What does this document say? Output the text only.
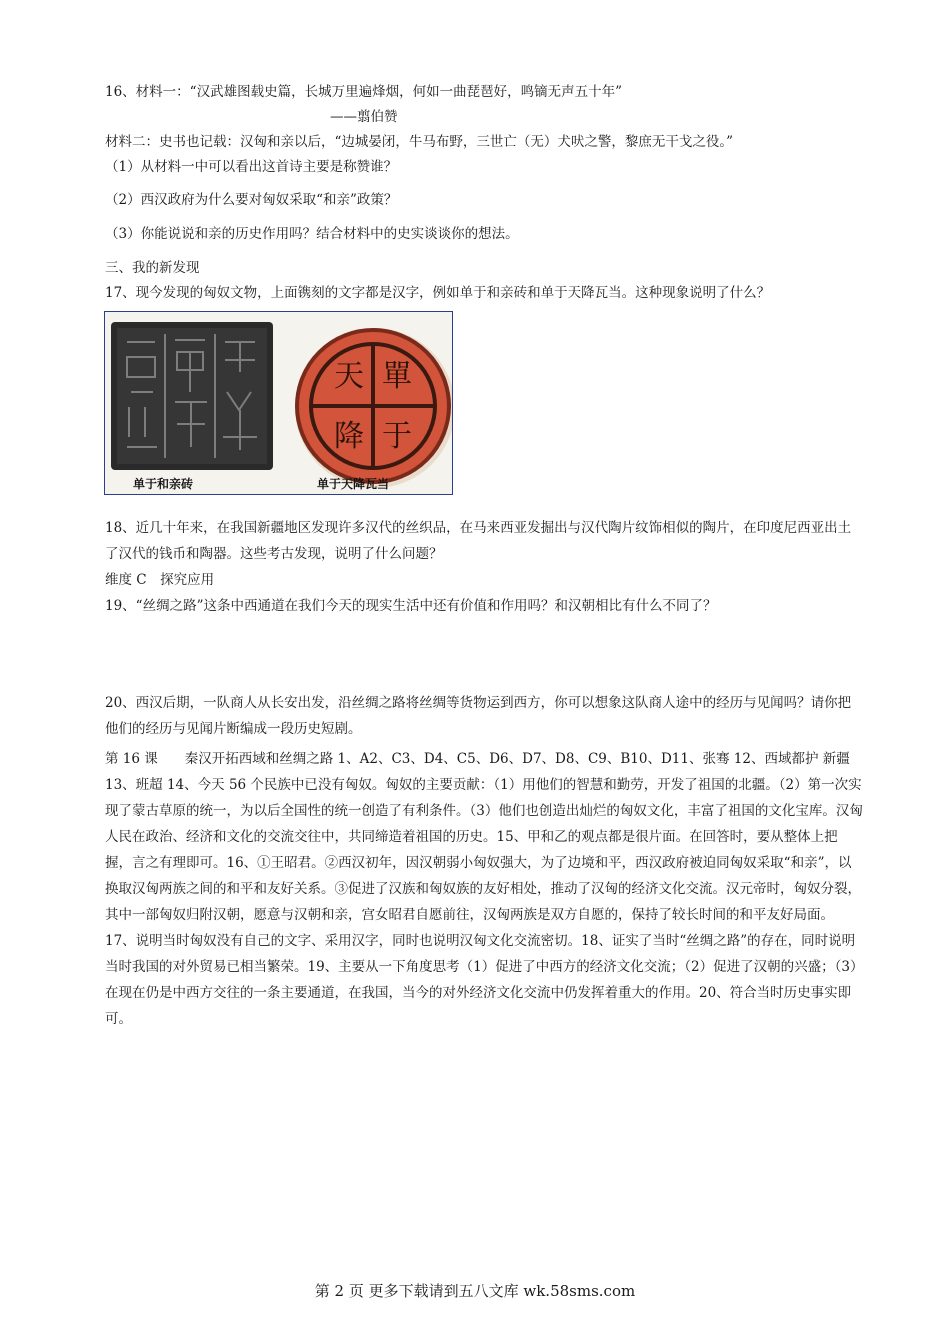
16、材料一：“汉武雄图载史篇，长城万里遍烽烟，何如一曲琵琶好，鸣镝无声五十年”
——翦伯赞
材料二：史书也记载：汉匈和亲以后，“边城晏闭，牛马布野，三世亡（无）犬吠之警，黎庶无干戈之役。”
（1）从材料一中可以看出这首诗主要是称赞谁？
（2）西汉政府为什么要对匈奴采取“和亲”政策？
（3）你能说说和亲的历史作用吗？结合材料中的史实谈谈你的想法。
三、我的新发现
17、现今发现的匈奴文物，上面镌刻的文字都是汉字，例如单于和亲砖和单于天降瓦当。这种现象说明了什么？
單
于
天
降
单于和亲砖	单于天降瓦当
18、近几十年来，在我国新疆地区发现许多汉代的丝织品，在马来西亚发掘出与汉代陶片纹饰相似的陶片，在印度尼西亚出土了汉代的钱币和陶器。这些考古发现，说明了什么问题？
维度 C　探究应用
19、“丝绸之路”这条中西通道在我们今天的现实生活中还有价值和作用吗？和汉朝相比有什么不同了？
20、西汉后期，一队商人从长安出发，沿丝绸之路将丝绸等货物运到西方，你可以想象这队商人途中的经历与见闻吗？请你把他们的经历与见闻片断编成一段历史短剧。
第 16 课　　秦汉开拓西域和丝绸之路 1、A2、C3、D4、C5、D6、D7、D8、C9、B10、D11、张骞 12、西域都护 新疆 13、班超 14、今天 56 个民族中已没有匈奴。匈奴的主要贡献：（1）用他们的智慧和勤劳，开发了祖国的北疆。（2）第一次实现了蒙古草原的统一，为以后全国性的统一创造了有利条件。（3）他们也创造出灿烂的匈奴文化，丰富了祖国的文化宝库。汉匈人民在政治、经济和文化的交流交往中，共同缔造着祖国的历史。15、甲和乙的观点都是很片面。在回答时，要从整体上把握，言之有理即可。16、①王昭君。②西汉初年，因汉朝弱小匈奴强大，为了边境和平，西汉政府被迫同匈奴采取“和亲”，以换取汉匈两族之间的和平和友好关系。③促进了汉族和匈奴族的友好相处，推动了汉匈的经济文化交流。汉元帝时，匈奴分裂，其中一部匈奴归附汉朝，愿意与汉朝和亲，宫女昭君自愿前往，汉匈两族是双方自愿的，保持了较长时间的和平友好局面。17、说明当时匈奴没有自己的文字、采用汉字，同时也说明汉匈文化交流密切。18、证实了当时“丝绸之路”的存在，同时说明当时我国的对外贸易已相当繁荣。19、主要从一下角度思考（1）促进了中西方的经济文化交流；（2）促进了汉朝的兴盛；（3）在现在仍是中西方交往的一条主要通道，在我国，当今的对外经济文化交流中仍发挥着重大的作用。20、符合当时历史事实即可。
第 2 页 更多下载请到五八文库 wk.58sms.com
